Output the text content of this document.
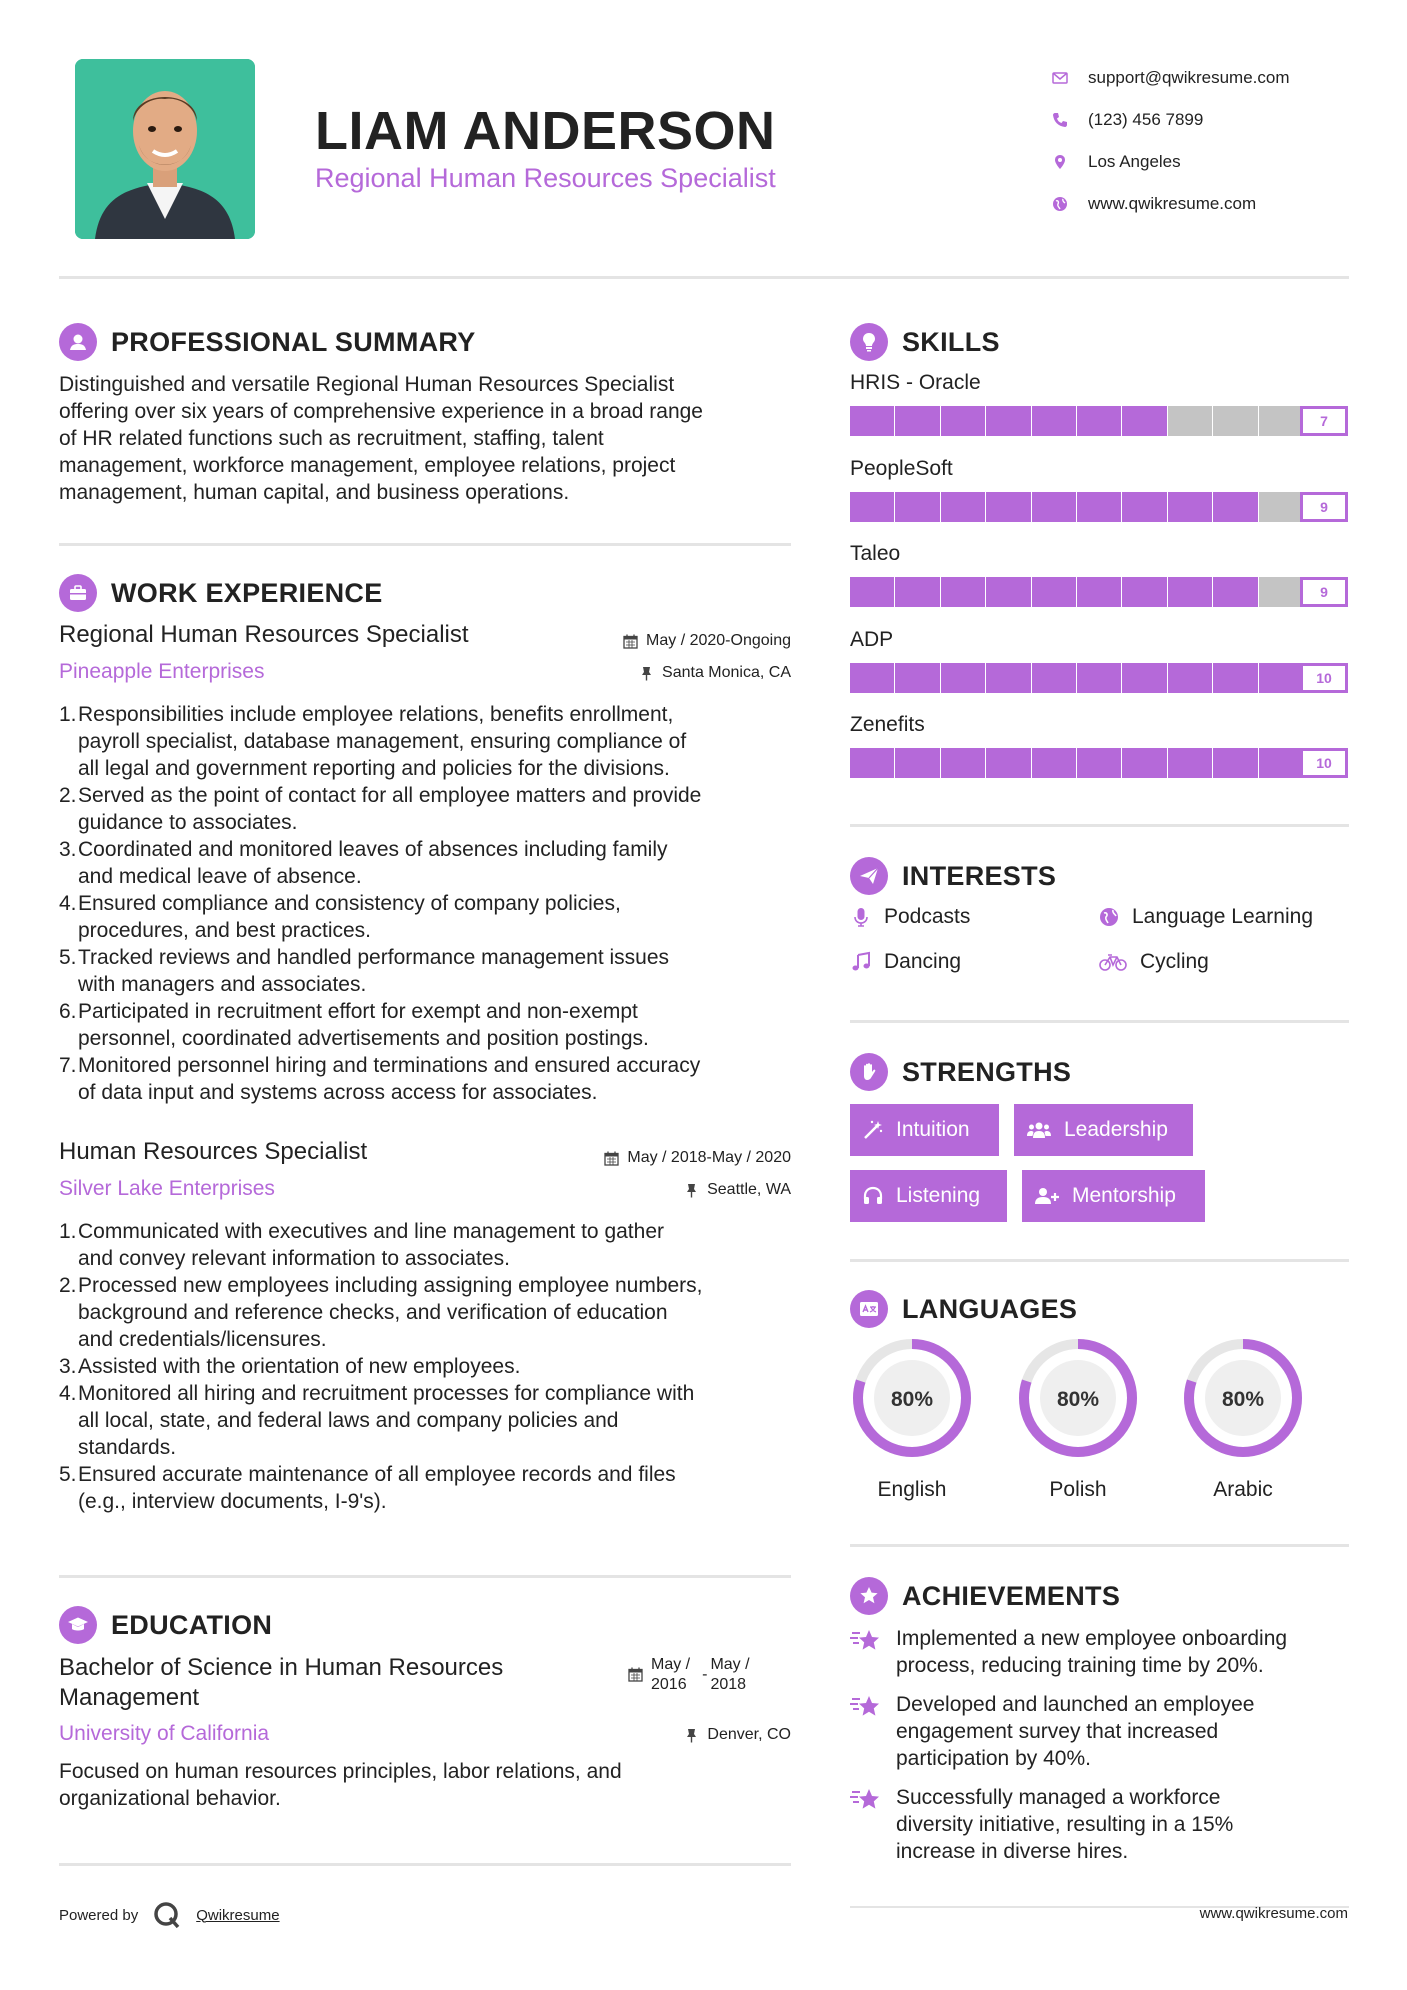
LIAM ANDERSON
Regional Human Resources Specialist
support@qwikresume.com
(123) 456 7899
Los Angeles
www.qwikresume.com
PROFESSIONAL SUMMARY
Distinguished and versatile Regional Human Resources Specialist
offering over six years of comprehensive experience in a broad range
of HR related functions such as recruitment, staffing, talent
management, workforce management, employee relations, project
management, human capital, and business operations.
WORK EXPERIENCE
Regional Human Resources Specialist	May / 2020-Ongoing
Pineapple Enterprises	Santa Monica, CA
1. Responsibilities include employee relations, benefits enrollment,
payroll specialist, database management, ensuring compliance of
all legal and government reporting and policies for the divisions.
2. Served as the point of contact for all employee matters and provide
guidance to associates.
3. Coordinated and monitored leaves of absences including family
and medical leave of absence.
4. Ensured compliance and consistency of company policies,
procedures, and best practices.
5. Tracked reviews and handled performance management issues
with managers and associates.
6. Participated in recruitment effort for exempt and non-exempt
personnel, coordinated advertisements and position postings.
7. Monitored personnel hiring and terminations and ensured accuracy
of data input and systems across access for associates.
Human Resources Specialist	May / 2018-May / 2020
Silver Lake Enterprises	Seattle, WA
1. Communicated with executives and line management to gather
and convey relevant information to associates.
2. Processed new employees including assigning employee numbers,
background and reference checks, and verification of education
and credentials/licensures.
3. Assisted with the orientation of new employees.
4. Monitored all hiring and recruitment processes for compliance with
all local, state, and federal laws and company policies and
standards.
5. Ensured accurate maintenance of all employee records and files
(e.g., interview documents, I-9's).
EDUCATION
Bachelor of Science in Human Resources
Management
May /
2016
-
May /
2018
University of California	Denver, CO
Focused on human resources principles, labor relations, and
organizational behavior.
SKILLS
HRIS - Oracle
7
PeopleSoft
9
Taleo
9
ADP
10
Zenefits
10
INTERESTS
Podcasts	Language Learning
Dancing	Cycling
STRENGTHS
Intuition	Leadership
Listening	Mentorship
LANGUAGES
80%
English
80%
Polish
80%
Arabic
ACHIEVEMENTS
Implemented a new employee onboarding
process, reducing training time by 20%.
Developed and launched an employee
engagement survey that increased
participation by 40%.
Successfully managed a workforce
diversity initiative, resulting in a 15%
increase in diverse hires.
Powered by	Qwikresume	www.qwikresume.com
